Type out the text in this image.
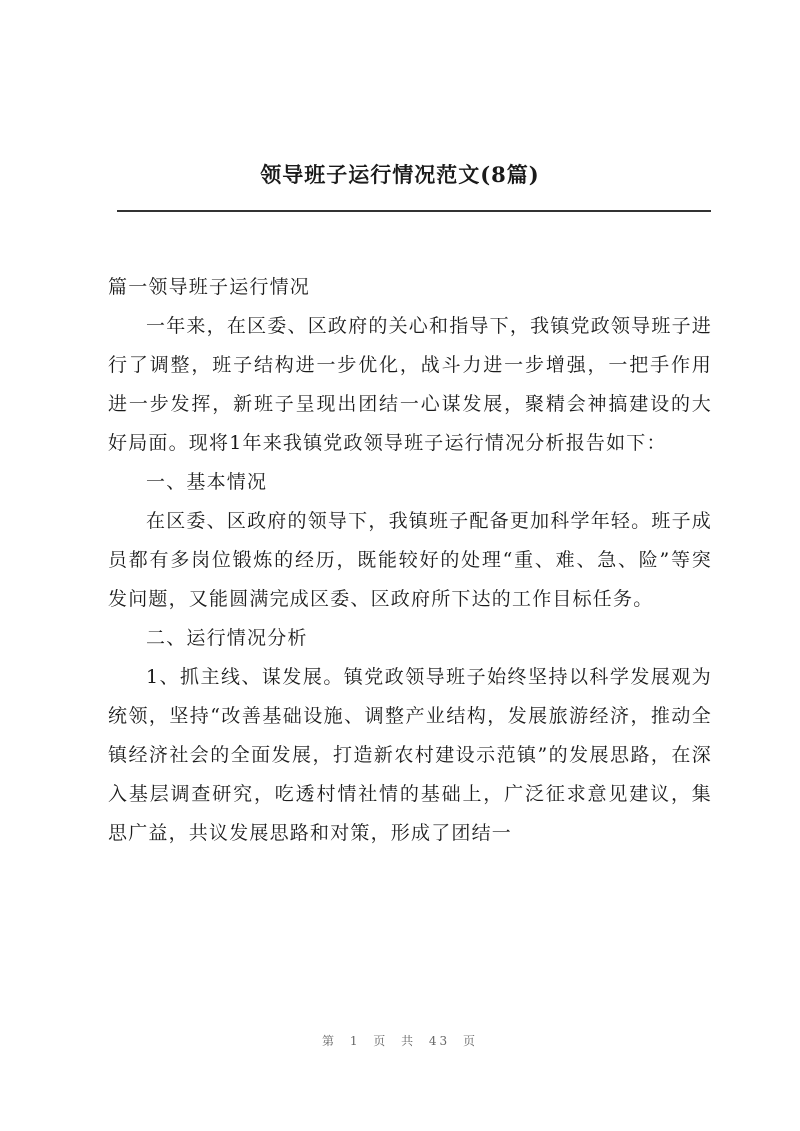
领导班子运行情况范文(8篇)

篇一领导班子运行情况

一年来，在区委、区政府的关心和指导下，我镇党政领导班子进行了调整，班子结构进一步优化，战斗力进一步增强，一把手作用进一步发挥，新班子呈现出团结一心谋发展，聚精会神搞建设的大好局面。现将1年来我镇党政领导班子运行情况分析报告如下：

一、基本情况

在区委、区政府的领导下，我镇班子配备更加科学年轻。班子成员都有多岗位锻炼的经历，既能较好的处理“重、难、急、险”等突发问题，又能圆满完成区委、区政府所下达的工作目标任务。

二、运行情况分析

1、抓主线、谋发展。镇党政领导班子始终坚持以科学发展观为统领，坚持“改善基础设施、调整产业结构，发展旅游经济，推动全镇经济社会的全面发展，打造新农村建设示范镇”的发展思路，在深入基层调查研究，吃透村情社情的基础上，广泛征求意见建议，集思广益，共议发展思路和对策，形成了团结一

第 1 页 共 43 页
